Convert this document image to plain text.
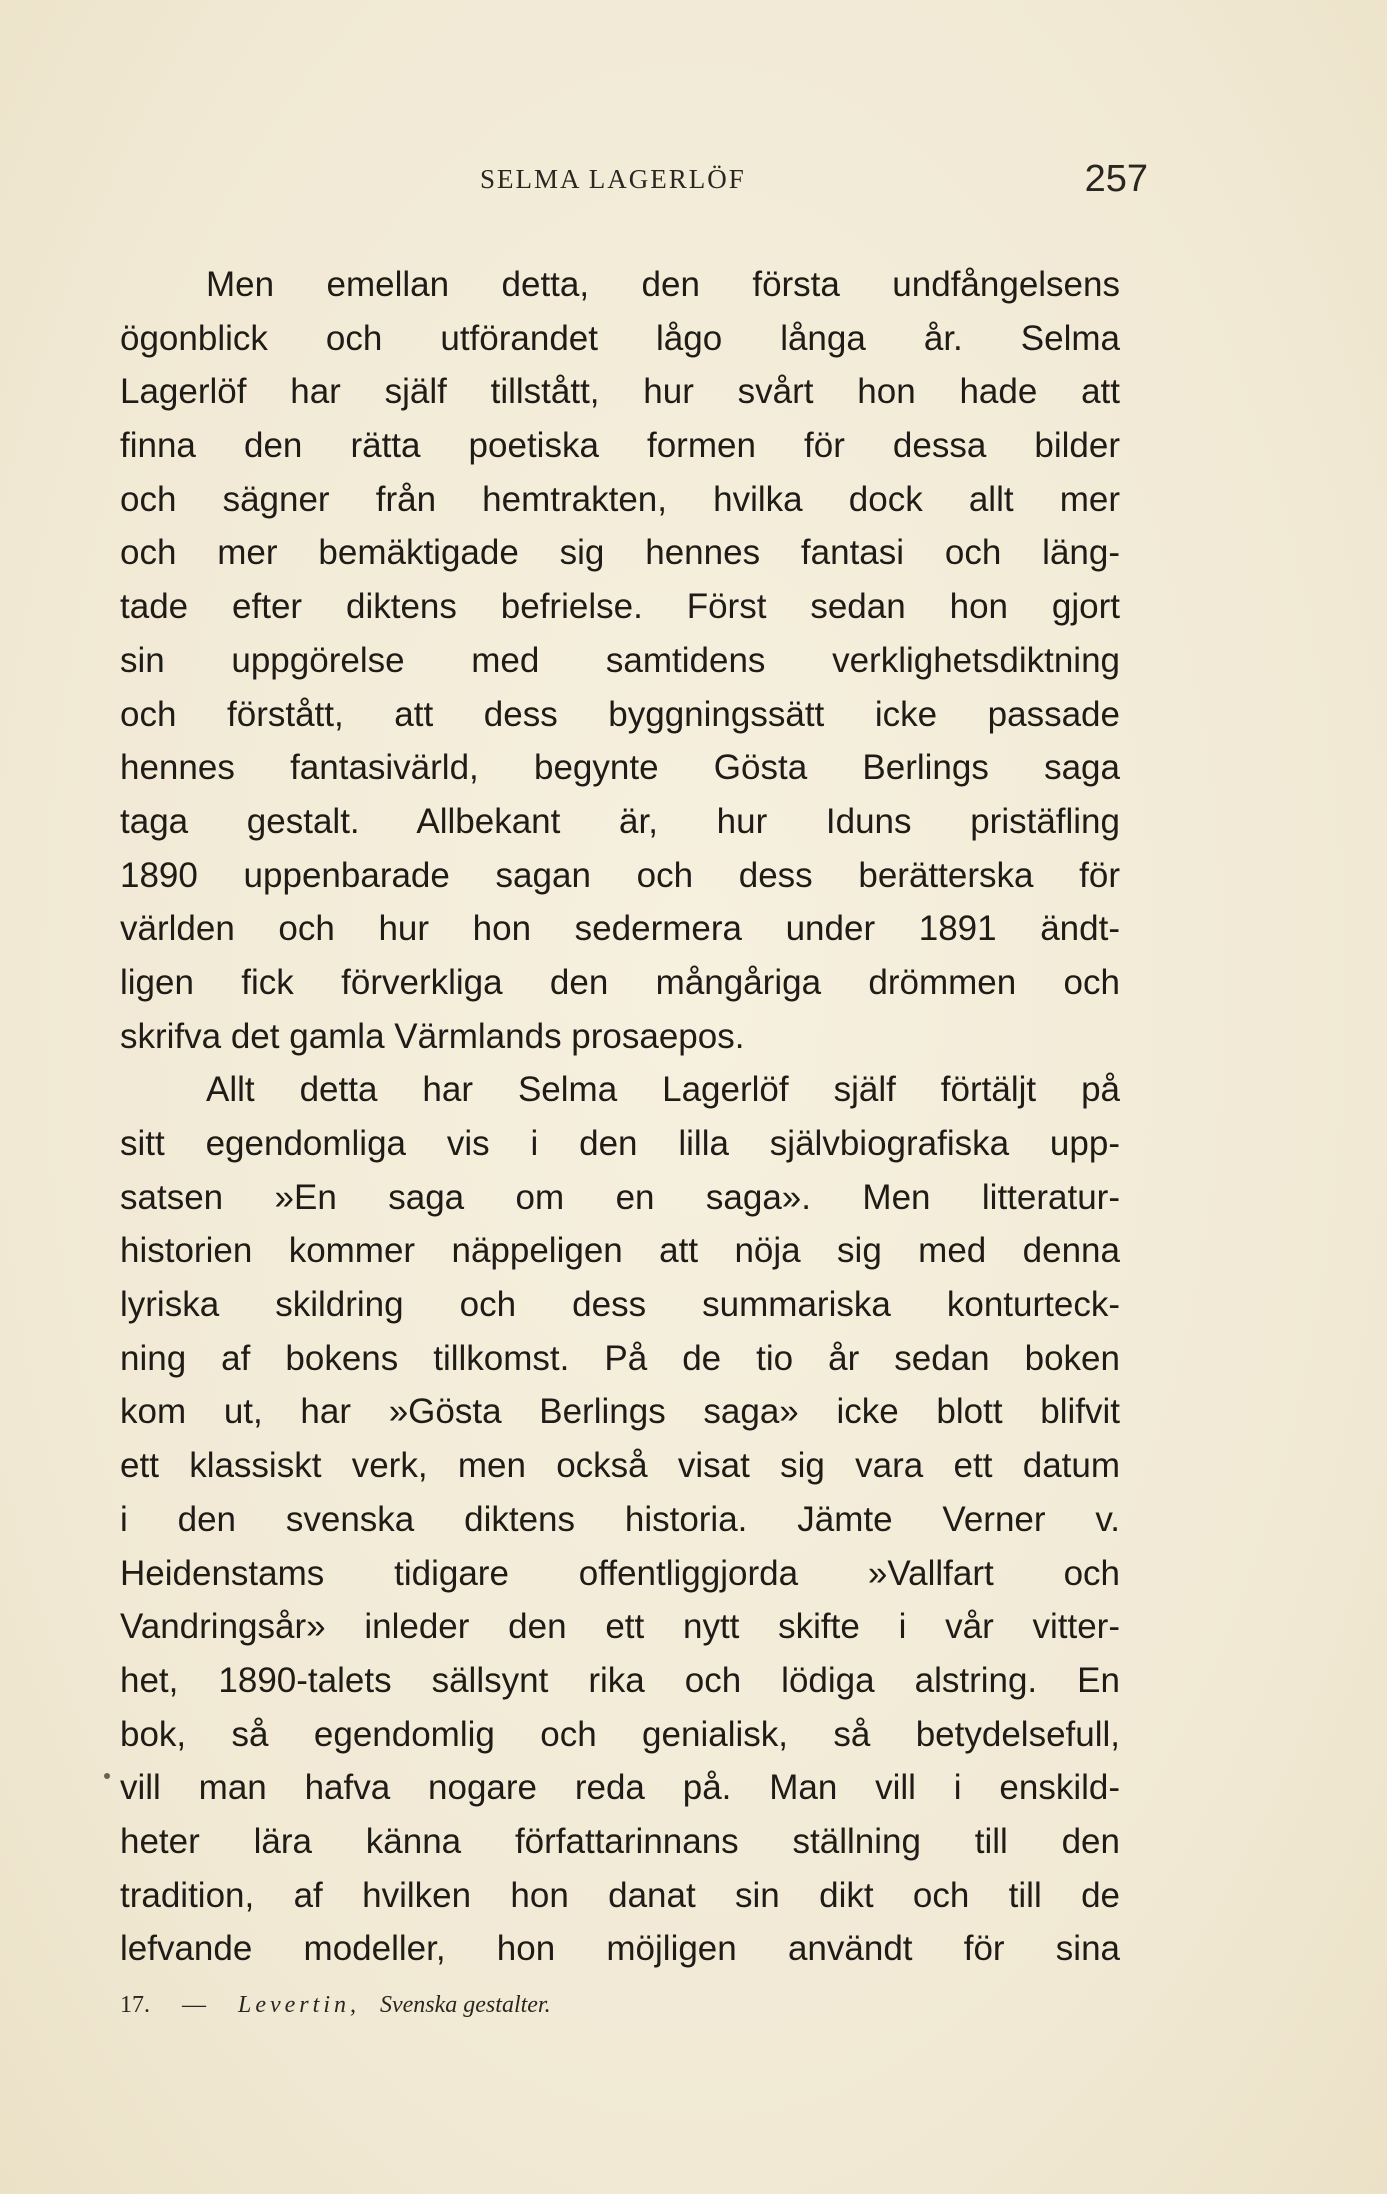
SELMA LAGERLÖF	257
Men emellan detta, den första undfångelsens
ögonblick och utförandet lågo långa år. Selma
Lagerlöf har själf tillstått, hur svårt hon hade att
finna den rätta poetiska formen för dessa bilder
och sägner från hemtrakten, hvilka dock allt mer
och mer bemäktigade sig hennes fantasi och läng-
tade efter diktens befrielse. Först sedan hon gjort
sin uppgörelse med samtidens verklighetsdiktning
och förstått, att dess byggningssätt icke passade
hennes fantasivärld, begynte Gösta Berlings saga
taga gestalt. Allbekant är, hur Iduns pristäfling
1890 uppenbarade sagan och dess berätterska för
världen och hur hon sedermera under 1891 ändt-
ligen fick förverkliga den mångåriga drömmen och
skrifva det gamla Värmlands prosaepos.
Allt detta har Selma Lagerlöf själf förtäljt på
sitt egendomliga vis i den lilla självbiografiska upp-
satsen »En saga om en saga». Men litteratur-
historien kommer näppeligen att nöja sig med denna
lyriska skildring och dess summariska konturteck-
ning af bokens tillkomst. På de tio år sedan boken
kom ut, har »Gösta Berlings saga» icke blott blifvit
ett klassiskt verk, men också visat sig vara ett datum
i den svenska diktens historia. Jämte Verner v.
Heidenstams tidigare offentliggjorda »Vallfart och
Vandringsår» inleder den ett nytt skifte i vår vitter-
het, 1890-talets sällsynt rika och lödiga alstring. En
bok, så egendomlig och genialisk, så betydelsefull,
vill man hafva nogare reda på. Man vill i enskild-
heter lära känna författarinnans ställning till den
tradition, af hvilken hon danat sin dikt och till de
lefvande modeller, hon möjligen användt för sina
17. — Levertin, Svenska gestalter.
